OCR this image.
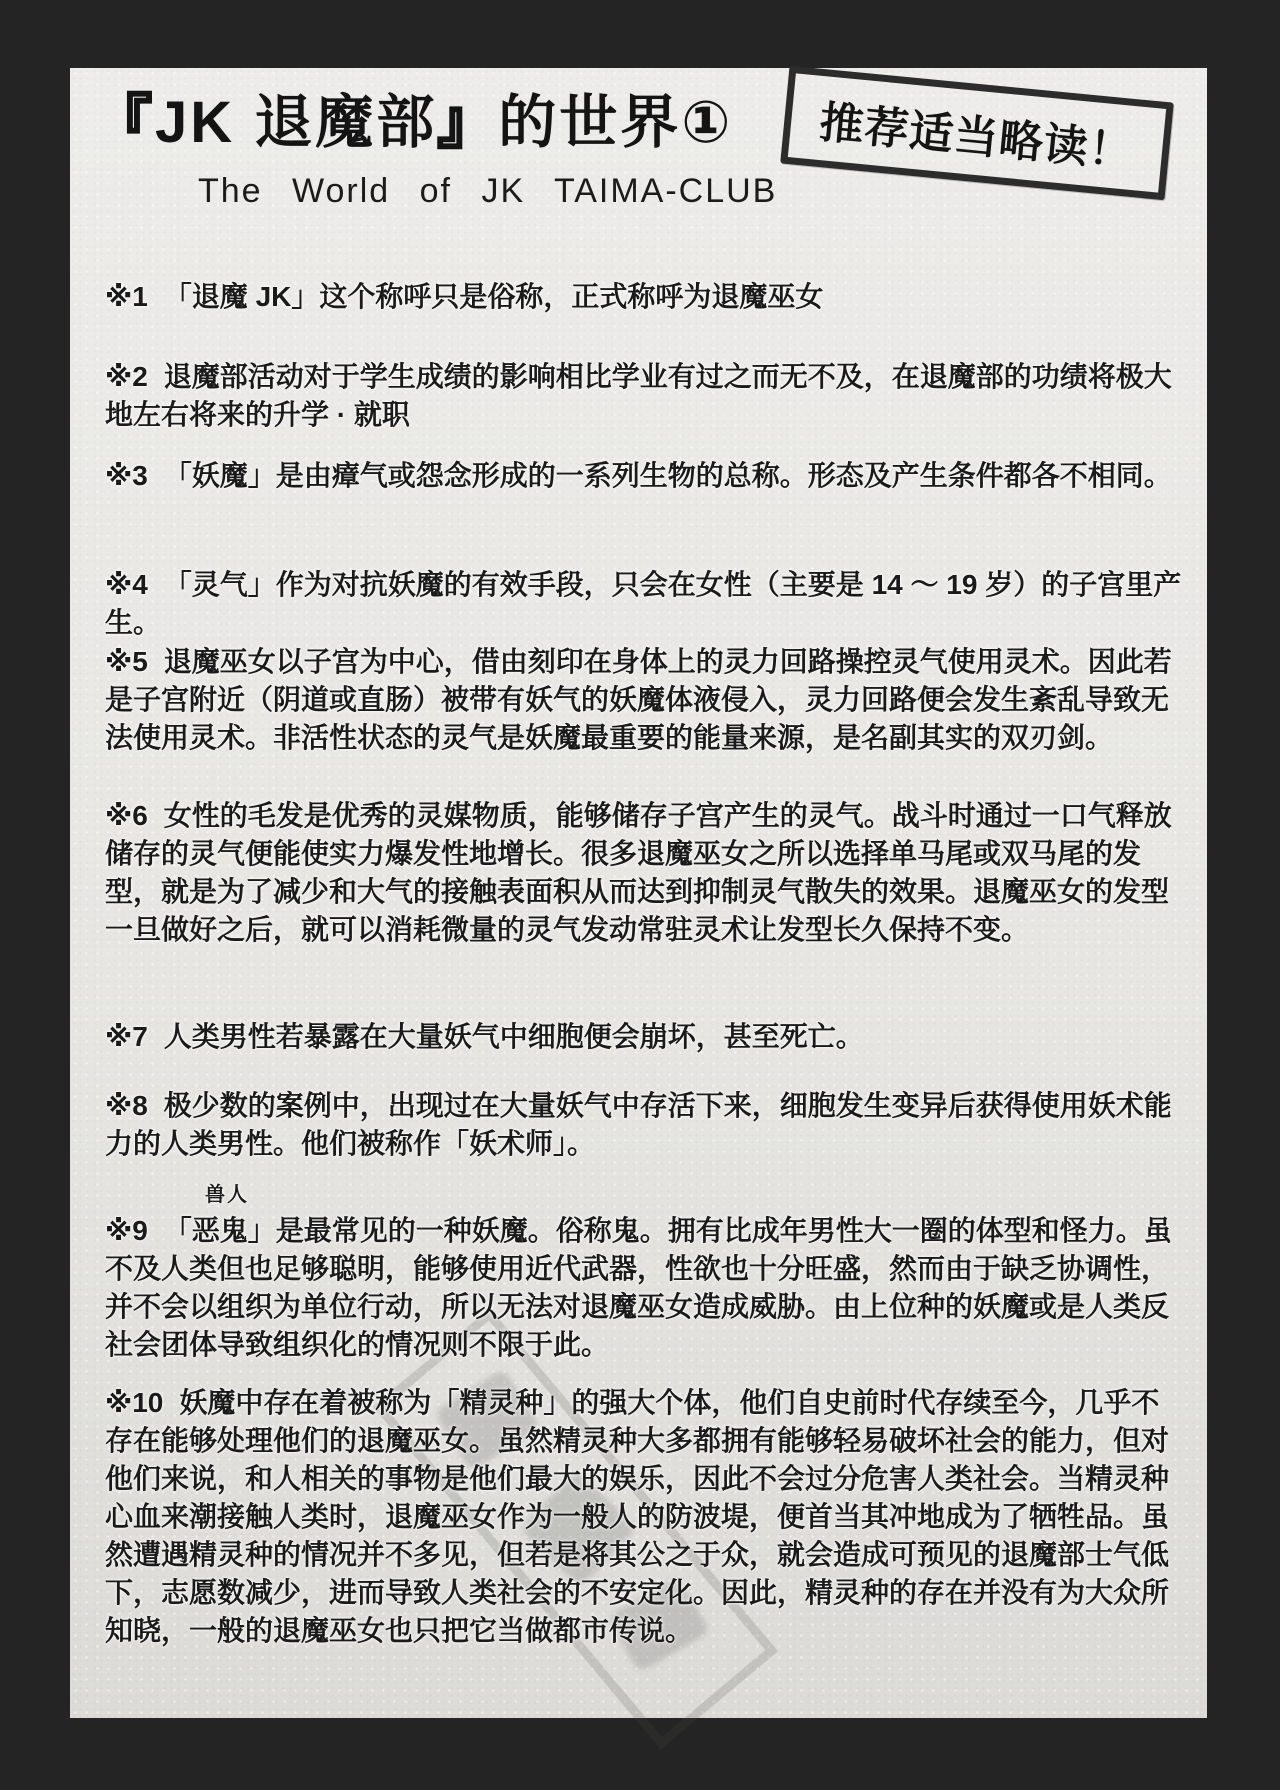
『JK 退魔部』的世界①
The World of JK TAIMA-CLUB
推荐适当略读！

※1 「退魔 JK」这个称呼只是俗称，正式称呼为退魔巫女

※2 退魔部活动对于学生成绩的影响相比学业有过之而无不及，在退魔部的功绩将极大地左右将来的升学 · 就职

※3 「妖魔」是由瘴气或怨念形成的一系列生物的总称。形态及产生条件都各不相同。

※4 「灵气」作为对抗妖魔的有效手段，只会在女性（主要是 14 ～ 19 岁）的子宫里产生。

※5 退魔巫女以子宫为中心，借由刻印在身体上的灵力回路操控灵气使用灵术。因此若是子宫附近（阴道或直肠）被带有妖气的妖魔体液侵入，灵力回路便会发生紊乱导致无法使用灵术。非活性状态的灵气是妖魔最重要的能量来源，是名副其实的双刃剑。

※6 女性的毛发是优秀的灵媒物质，能够储存子宫产生的灵气。战斗时通过一口气释放储存的灵气便能使实力爆发性地增长。很多退魔巫女之所以选择单马尾或双马尾的发型，就是为了减少和大气的接触表面积从而达到抑制灵气散失的效果。退魔巫女的发型一旦做好之后，就可以消耗微量的灵气发动常驻灵术让发型长久保持不变。

※7 人类男性若暴露在大量妖气中细胞便会崩坏，甚至死亡。

※8 极少数的案例中，出现过在大量妖气中存活下来，细胞发生变异后获得使用妖术能力的人类男性。他们被称作「妖术师」。

兽人
※9 「恶鬼」是最常见的一种妖魔。俗称鬼。拥有比成年男性大一圈的体型和怪力。虽不及人类但也足够聪明，能够使用近代武器，性欲也十分旺盛，然而由于缺乏协调性，并不会以组织为单位行动，所以无法对退魔巫女造成威胁。由上位种的妖魔或是人类反社会团体导致组织化的情况则不限于此。

※10 妖魔中存在着被称为「精灵种」的强大个体，他们自史前时代存续至今，几乎不存在能够处理他们的退魔巫女。虽然精灵种大多都拥有能够轻易破坏社会的能力，但对他们来说，和人相关的事物是他们最大的娱乐，因此不会过分危害人类社会。当精灵种心血来潮接触人类时，退魔巫女作为一般人的防波堤，便首当其冲地成为了牺牲品。虽然遭遇精灵种的情况并不多见，但若是将其公之于众，就会造成可预见的退魔部士气低下，志愿数减少，进而导致人类社会的不安定化。因此，精灵种的存在并没有为大众所知晓，一般的退魔巫女也只把它当做都市传说。
